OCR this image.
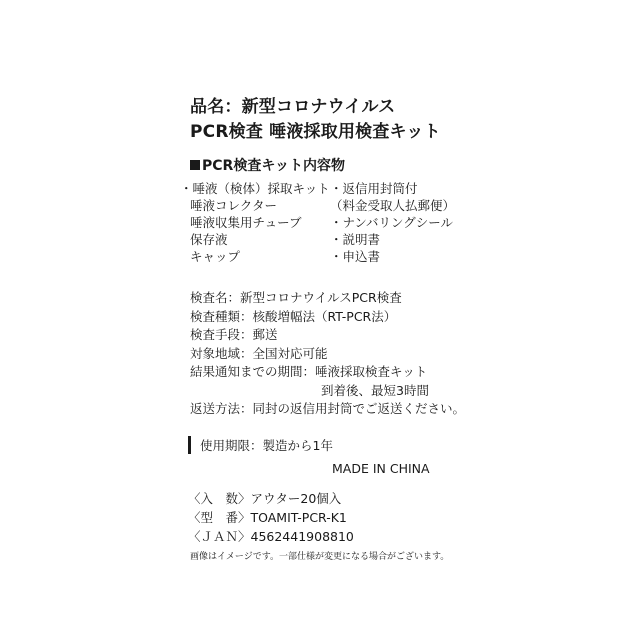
品名：新型コロナウイルス
PCR検査 唾液採取用検査キット
PCR検査キット内容物
・唾液（検体）採取キット
唾液コレクター
唾液収集用チューブ
保存液
キャップ
・返信用封筒付
（料金受取人払郵便）
・ナンバリングシール
・説明書
・申込書
検査名：新型コロナウイルスPCR検査
検査種類：核酸増幅法（RT-PCR法）
検査手段：郵送
対象地域：全国対応可能
結果通知までの期間：唾液採取検査キット
到着後、最短3時間
返送方法：同封の返信用封筒でご返送ください。
使用期限：製造から1年
MADE IN CHINA
〈入　数〉アウター20個入
〈型　番〉TOAMIT-PCR-K1
〈ＪＡＮ〉4562441908810
画像はイメージです。一部仕様が変更になる場合がございます。
